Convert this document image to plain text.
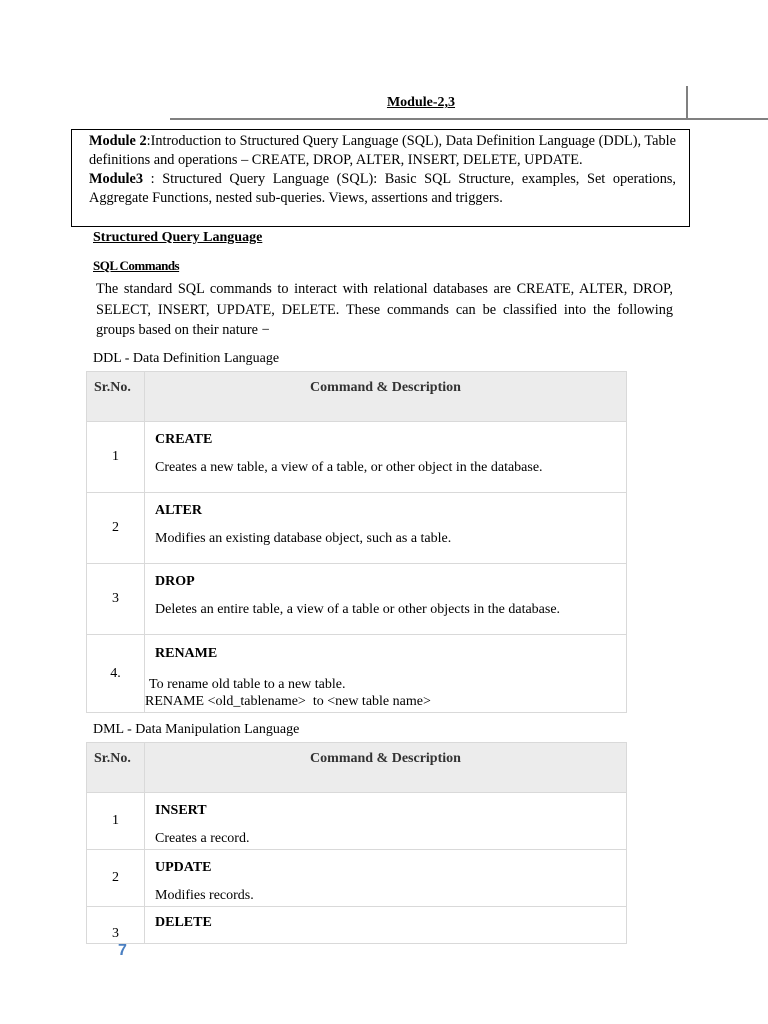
Module-2,3

Module 2:Introduction to Structured Query Language (SQL), Data Definition Language (DDL), Table definitions and operations – CREATE, DROP, ALTER, INSERT, DELETE, UPDATE.

Module3 : Structured Query Language (SQL): Basic SQL Structure, examples, Set operations, Aggregate Functions, nested sub-queries. Views, assertions and triggers.

Structured Query Language
SQL Commands
The standard SQL commands to interact with relational databases are CREATE, ALTER, DROP, SELECT, INSERT, UPDATE, DELETE. These commands can be classified into the following groups based on their nature −
DDL - Data Definition Language
Sr.No.	Command & Description
1	CREATE
Creates a new table, a view of a table, or other object in the database.

2	ALTER
Modifies an existing database object, such as a table.

3	DROP
Deletes an entire table, a view of a table or other objects in the database.

4.	RENAME
To rename old table to a new table.
RENAME <old_tablename>  to <new table name>
DML - Data Manipulation Language
Sr.No.	Command & Description
1	INSERT
Creates a record.

2	UPDATE
Modifies records.

3	DELETE
7
